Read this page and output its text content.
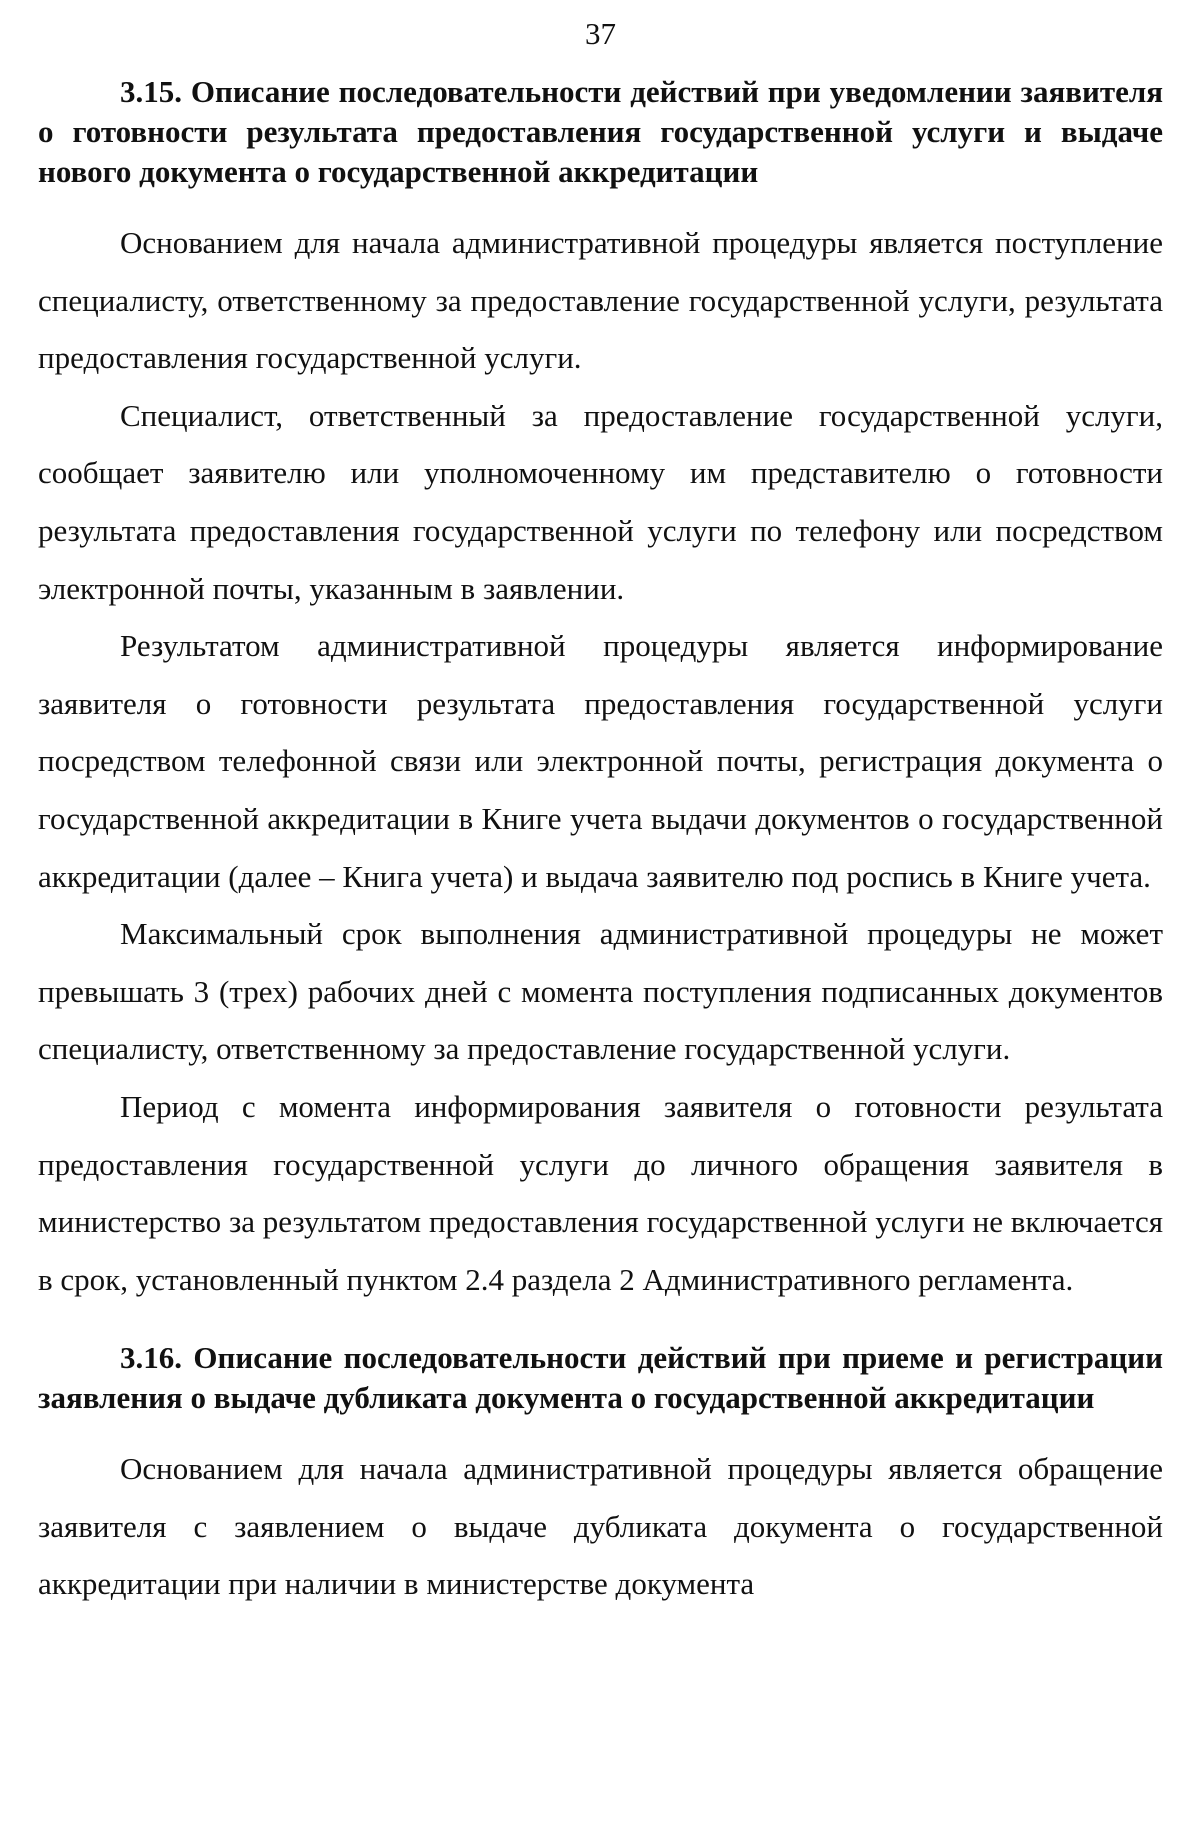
37

3.15. Описание последовательности действий при уведомлении заявителя о готовности результата предоставления государственной услуги и выдаче нового документа о государственной аккредитации

Основанием для начала административной процедуры является поступление специалисту, ответственному за предоставление государственной услуги, результата предоставления государственной услуги.

Специалист, ответственный за предоставление государственной услуги, сообщает заявителю или уполномоченному им представителю о готовности результата предоставления государственной услуги по телефону или посредством электронной почты, указанным в заявлении.

Результатом административной процедуры является информирование заявителя о готовности результата предоставления государственной услуги посредством телефонной связи или электронной почты, регистрация документа о государственной аккредитации в Книге учета выдачи документов о государственной аккредитации (далее – Книга учета) и выдача заявителю под роспись в Книге учета.

Максимальный срок выполнения административной процедуры не может превышать 3 (трех) рабочих дней с момента поступления подписанных документов специалисту, ответственному за предоставление государственной услуги.

Период с момента информирования заявителя о готовности результата предоставления государственной услуги до личного обращения заявителя в министерство за результатом предоставления государственной услуги не включается в срок, установленный пунктом 2.4 раздела 2 Административного регламента.

3.16. Описание последовательности действий при приеме и регистрации заявления о выдаче дубликата документа о государственной аккредитации

Основанием для начала административной процедуры является обращение заявителя с заявлением о выдаче дубликата документа о государственной аккредитации при наличии в министерстве документа
